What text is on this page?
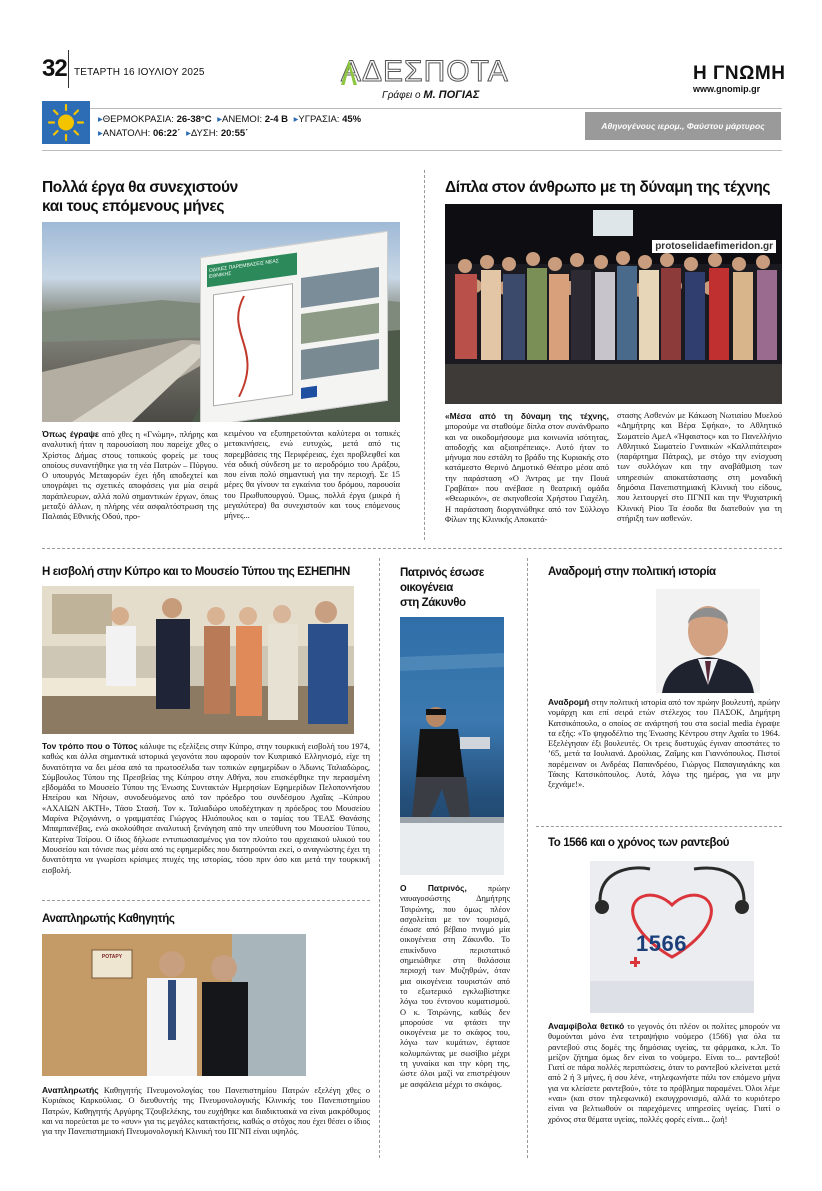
32 ΤΕΤΑΡΤΗ 16 ΙΟΥΛΙΟΥ 2025	ΑΔΕΣΠΟΤΑ
Γράφει ο Μ. ΠΟΓΙΑΣ
Η ΓΝΩΜΗ
www.gnomip.gr
▸ΘΕΡΜΟΚΡΑΣΙΑ: 26-38°C ▸ΑΝΕΜΟΙ: 2-4 B ▸ΥΓΡΑΣΙΑ: 45%
▸ΑΝΑΤΟΛΗ: 06:22΄ ▸ΔΥΣΗ: 20:55΄
Αθηνογένους ιερομ., Φαύστου μάρτυρος
Πολλά έργα θα συνεχιστούν
και τους επόμενους μήνες
ΟΔΙΚΕΣ ΠΑΡΕΜΒΑΣΕΙΣ ΝΕΑΣ ΕΘΝΙΚΗΣ
Όπως έγραψε από χθες η «Γνώμη», πλήρης και αναλυτική ήταν η παρουσίαση που παρείχε χθες ο Χρίστος Δήμας στους τοπικούς φορείς με τους οποίους συναντήθηκε για τη νέα Πατρών – Πύργου. Ο υπουργός Μεταφορών έχει ήδη αποδεχτεί και υπογράψει τις σχετικές αποφάσεις για μία σειρά παράπλευρων, αλλά πολύ σημαντικών έργων, όπως μεταξύ άλλων, η πλήρης νέα ασφαλτόστρωση της Παλαιάς Εθνικής Οδού, προ-
κειμένου να εξυπηρετούνται καλύτερα οι τοπικές μετακινήσεις, ενώ ευτυχώς, μετά από τις παρεμβάσεις της Περιφέρειας, έχει προβλεφθεί και νέα οδική σύνδεση με το αεροδρόμιο του Αράξου, που είναι πολύ σημαντική για την περιοχή. Σε 15 μέρες θα γίνουν τα εγκαίνια του δρόμου, παρουσία του Πρωθυπουργού. Όμως, πολλά έργα (μικρά ή μεγαλύτερα) θα συνεχιστούν και τους επόμενους μήνες...
Δίπλα στον άνθρωπο με τη δύναμη της τέχνης
protoselidaefimeridon.gr
«Μέσα από τη δύναμη της τέχνης, μπορούμε να σταθούμε δίπλα στον συνάνθρωπο και να οικοδομήσουμε μια κοινωνία ισότητας, αποδοχής και αξιοπρέπειας». Αυτό ήταν το μήνυμα που εστάλη το βράδυ της Κυριακής στο κατάμεστο Θερινό Δημοτικό Θέατρο μέσα από την παράσταση «Ο Άντρας με την Πουά Γραβάτα» που ανέβασε η θεατρική ομάδα «Θεωρικόν», σε σκηνοθεσία Χρήστου Γιαχέλη. Η παράσταση διοργανώθηκε από τον Σύλλογο Φίλων της Κλινικής Αποκατά-
στασης Ασθενών με Κάκωση Νωτιαίου Μυελού «Δημήτρης και Βέρα Σφήκα», το Αθλητικό Σωματείο ΑμεΑ «Ήφαιστος» και το Πανελλήνιο Αθλητικό Σωματείο Γυναικών «Καλλιπάτειρα» (παράρτημα Πάτρας), με στόχο την ενίσχυση των συλλόγων και την αναβάθμιση των υπηρεσιών αποκατάστασης στη μοναδική δημόσια Πανεπιστημιακή Κλινική του είδους, που λειτουργεί στο ΠΓΝΠ και την Ψυχιατρική Κλινική Ρίου Τα έσοδα θα διατεθούν για τη στήριξη των ασθενών.
Η εισβολή στην Κύπρο και το Μουσείο Τύπου της ΕΣΗΕΠΗΝ
Τον τρόπο που ο Τύπος κάλυψε τις εξελίξεις στην Κύπρο, στην τουρκική εισβολή του 1974, καθώς και άλλα σημαντικά ιστορικά γεγονότα που αφορούν τον Κυπριακό Ελληνισμό, είχε τη δυνατότητα να δει μέσα από τα πρωτοσέλιδα των τοπικών εφημερίδων ο Άδωνις Ταλιαδώρος, Σύμβουλος Τύπου της Πρεσβείας της Κύπρου στην Αθήνα, που επισκέφθηκε την περασμένη εβδομάδα το Μουσείο Τύπου της Ένωσης Συντακτών Ημερησίων Εφημερίδων Πελοποννήσου Ηπείρου και Νήσων, συνοδευόμενος από τον πρόεδρο του συνδέσμου Αχαΐας –Κύπρου «ΑΧΑΙΩΝ ΑΚΤΗ», Τάσο Στασή. Τον κ. Ταλιαδώρο υποδέχτηκαν η πρόεδρος του Μουσείου Μαρίνα Ριζογιάννη, ο γραμματέας Γιώργος Ηλιόπουλος και ο ταμίας του ΤΕΑΣ Θανάσης Μπαμπανέβας, ενώ ακολούθησε αναλυτική ξενάγηση από την υπεύθυνη του Μουσείου Τύπου, Κατερίνα Τσίρου. Ο ίδιος δήλωσε εντυπωσιασμένος για τον πλούτο του αρχειακού υλικού του Μουσείου και τόνισε πως μέσα από τις εφημερίδες που διατηρούνται εκεί, ο αναγνώστης έχει τη δυνατότητα να γνωρίσει κρίσιμες πτυχές της ιστορίας, τόσο πριν όσο και μετά την τουρκική εισβολή.
Αναπληρωτής Καθηγητής
ΡΟΤΑΡΥ
Αναπληρωτής Καθηγητής Πνευμονολογίας του Πανεπιστημίου Πατρών εξελέγη χθες ο Κυριάκος Καρκούλιας. Ο διευθυντής της Πνευμονολογικής Κλινικής του Πανεπιστημίου Πατρών, Καθηγητής Αργύρης Τζουβελέκης, του ευχήθηκε και διαδικτυακά να είναι μακρόθυμος και να πορεύεται με το «συν» για τις μεγάλες κατακτήσεις, καθώς ο στόχος που έχει θέσει ο ίδιος για την Πανεπιστημιακή Πνευμονολογική Κλινική του ΠΓΝΠ είναι υψηλός.
Πατρινός έσωσε
οικογένεια
στη Ζάκυνθο
Ο Πατρινός,	πρώην ναυαγοσώστης Δημήτρης Τσιρώνης, που όμως πλέον ασχολείται με τον τουρισμό, έσωσε από βέβαιο πνιγμό μία οικογένεια στη Ζάκυνθο. Το επικίνδυνο περιστατικό σημειώθηκε στη θαλάσσια περιοχή των Μυζηθρών, όταν μια οικογένεια τουριστών από το εξωτερικό εγκλωβίστηκε λόγω του έντονου κυματισμού. Ο κ. Τσιρώνης, καθώς δεν μπορούσε να φτάσει την οικογένεια με το σκάφος του, λόγω των κυμάτων, έφτασε κολυμπώντας με σωσίβιο μέχρι τη γυναίκα και την κόρη της, ώστε όλοι μαζί να επιστρέψουν με ασφάλεια μέχρι το σκάφος.
Αναδρομή στην πολιτική ιστορία
Αναδρομή στην πολιτική ιστορία από τον πρώην βουλευτή, πρώην νομάρχη και επί σειρά ετών στέλεχος του ΠΑΣΟΚ, Δημήτρη Κατσικόπουλο, ο οποίος σε ανάρτησή του στα social media έγραψε τα εξής: «Το ψηφοδέλτιο της Ένωσης Κέντρου στην Αχαΐα το 1964. Εξελέγησαν έξι βουλευτές. Οι τρεις δυστυχώς έγιναν αποστάτες το ’65, μετά τα Ιουλιανά. Δρούλιας, Ζαΐμης και Γιαννόπουλος. Πιστοί παρέμειναν οι Ανδρέας Παπανδρέου, Γιώργος Παπαγιαγιάκης και Τάκης Κατσικόπουλος. Αυτά, λόγω της ημέρας, για να μην ξεχνάμε!».
Το 1566 και ο χρόνος των ραντεβού
1566
Αναμφίβολα θετικό το γεγονός ότι πλέον οι πολίτες μπορούν να θυμούνται μόνο ένα τετραψήφιο νούμερο (1566) για όλα τα ραντεβού στις δομές της δημόσιας υγείας, τα φάρμακα, κ.λπ. Το μείζον ζήτημα όμως δεν είναι το νούμερο. Είναι το... ραντεβού! Γιατί σε πάρα πολλές περιπτώσεις, όταν το ραντεβού κλείνεται μετά από 2 ή 3 μήνες, ή σου λένε, «τηλεφωνήστε πάλι τον επόμενο μήνα για να κλείσετε ραντεβού», τότε το πρόβλημα παραμένει. Όλοι λέμε «ναι» (και στον τηλεφωνικό) εκσυγχρονισμό, αλλά το κυριότερο είναι να βελτιωθούν οι παρεχόμενες υπηρεσίες υγείας. Γιατί ο χρόνος στα θέματα υγείας, πολλές φορές είναι... ζωή!
